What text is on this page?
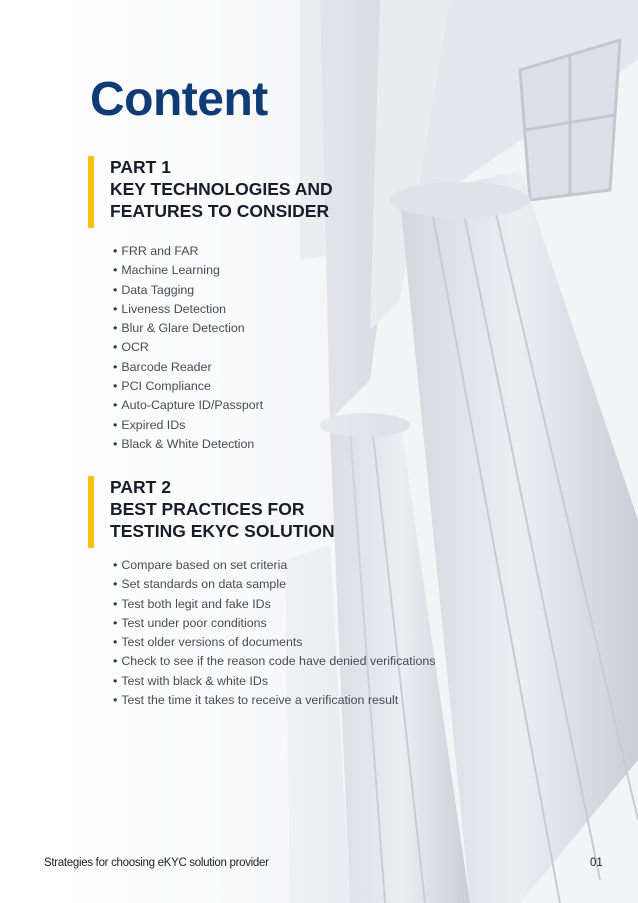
Content
PART 1
KEY TECHNOLOGIES AND
FEATURES TO CONSIDER
• FRR and FAR
• Machine Learning
• Data Tagging
• Liveness Detection
• Blur & Glare Detection
• OCR
• Barcode Reader
• PCI Compliance
• Auto-Capture ID/Passport
• Expired IDs
• Black & White Detection
PART 2
BEST PRACTICES FOR
TESTING EKYC SOLUTION
• Compare based on set criteria
• Set standards on data sample
• Test both legit and fake IDs
• Test under poor conditions
• Test older versions of documents
• Check to see if the reason code have denied verifications
• Test with black & white IDs
• Test the time it takes to receive a verification result
Strategies for choosing eKYC solution provider	01
